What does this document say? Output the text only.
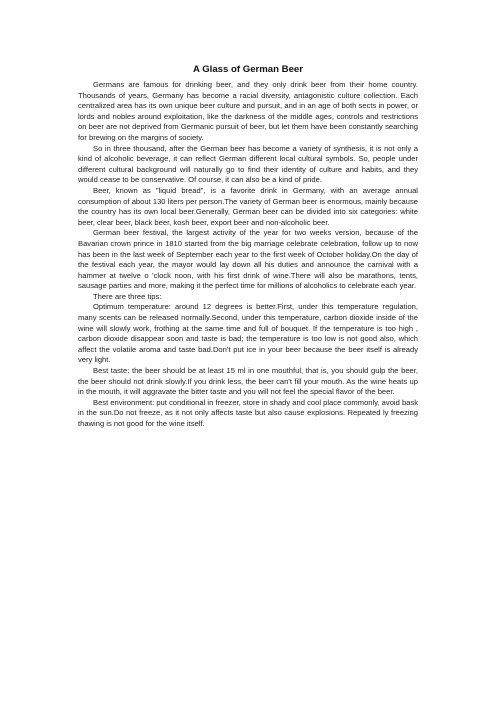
A Glass of German Beer

Germans are famous for drinking beer, and they only drink beer from their home country. Thousands of years, Germany has become a racial diversity, antagonistic culture collection. Each centralized area has its own unique beer culture and pursuit, and in an age of both sects in power, or lords and nobles around exploitation, like the darkness of the middle ages, controls and restrictions on beer are not deprived from Germanic pursuit of beer, but let them have been constantly searching for brewing on the margins of society.

So in three thousand, after the German beer has become a variety of synthesis, it is not only a kind of alcoholic beverage, it can reflect German different local cultural symbols. So, people under different cultural background will naturally go to find their identity of culture and habits, and they would cease to be conservative. Of course, it can also be a kind of pride.

Beer, known as "liquid bread", is a favorite drink in Germany, with an average annual consumption of about 130 liters per person.The variety of German beer is enormous, mainly because the country has its own local beer.Generally, German beer can be divided into six categories: white beer, clear beer, black beer, kosh beer, export beer and non-alcoholic beer.

German beer festival, the largest activity of the year for two weeks version, because of the Bavarian crown prince in 1810 started from the big marriage celebrate celebration, follow up to now has been in the last week of September each year to the first week of October holiday.On the day of the festival each year, the mayor would lay down all his duties and announce the carnival with a hammer at twelve o 'clock noon, with his first drink of wine.There will also be marathons, tents, sausage parties and more, making it the perfect time for millions of alcoholics to celebrate each year.

There are three tips:

Optimum temperature: around 12 degrees is better.First, under this temperature regulation, many scents can be released normally.Second, under this temperature, carbon dioxide inside of the wine will slowly work, frothing at the same time and full of bouquet. If the temperature is too high , carbon dioxide disappear soon and taste is bad; the temperature is too low is not good also, which affect the volatile aroma and taste bad.Don't put ice in your beer because the beer itself is already very light.

Best taste: the beer should be at least 15 ml in one mouthful, that is, you should gulp the beer, the beer should not drink slowly.If you drink less, the beer can't fill your mouth. As the wine heats up in the mouth, it will aggravate the bitter taste and you will not feel the special flavor of the beer.

Best environment: put conditional in freezer, store in shady and cool place commonly, avoid bask in the sun.Do not freeze, as it not only affects taste but also cause explosions. Repeated ly freezing thawing is not good for the wine itself.
